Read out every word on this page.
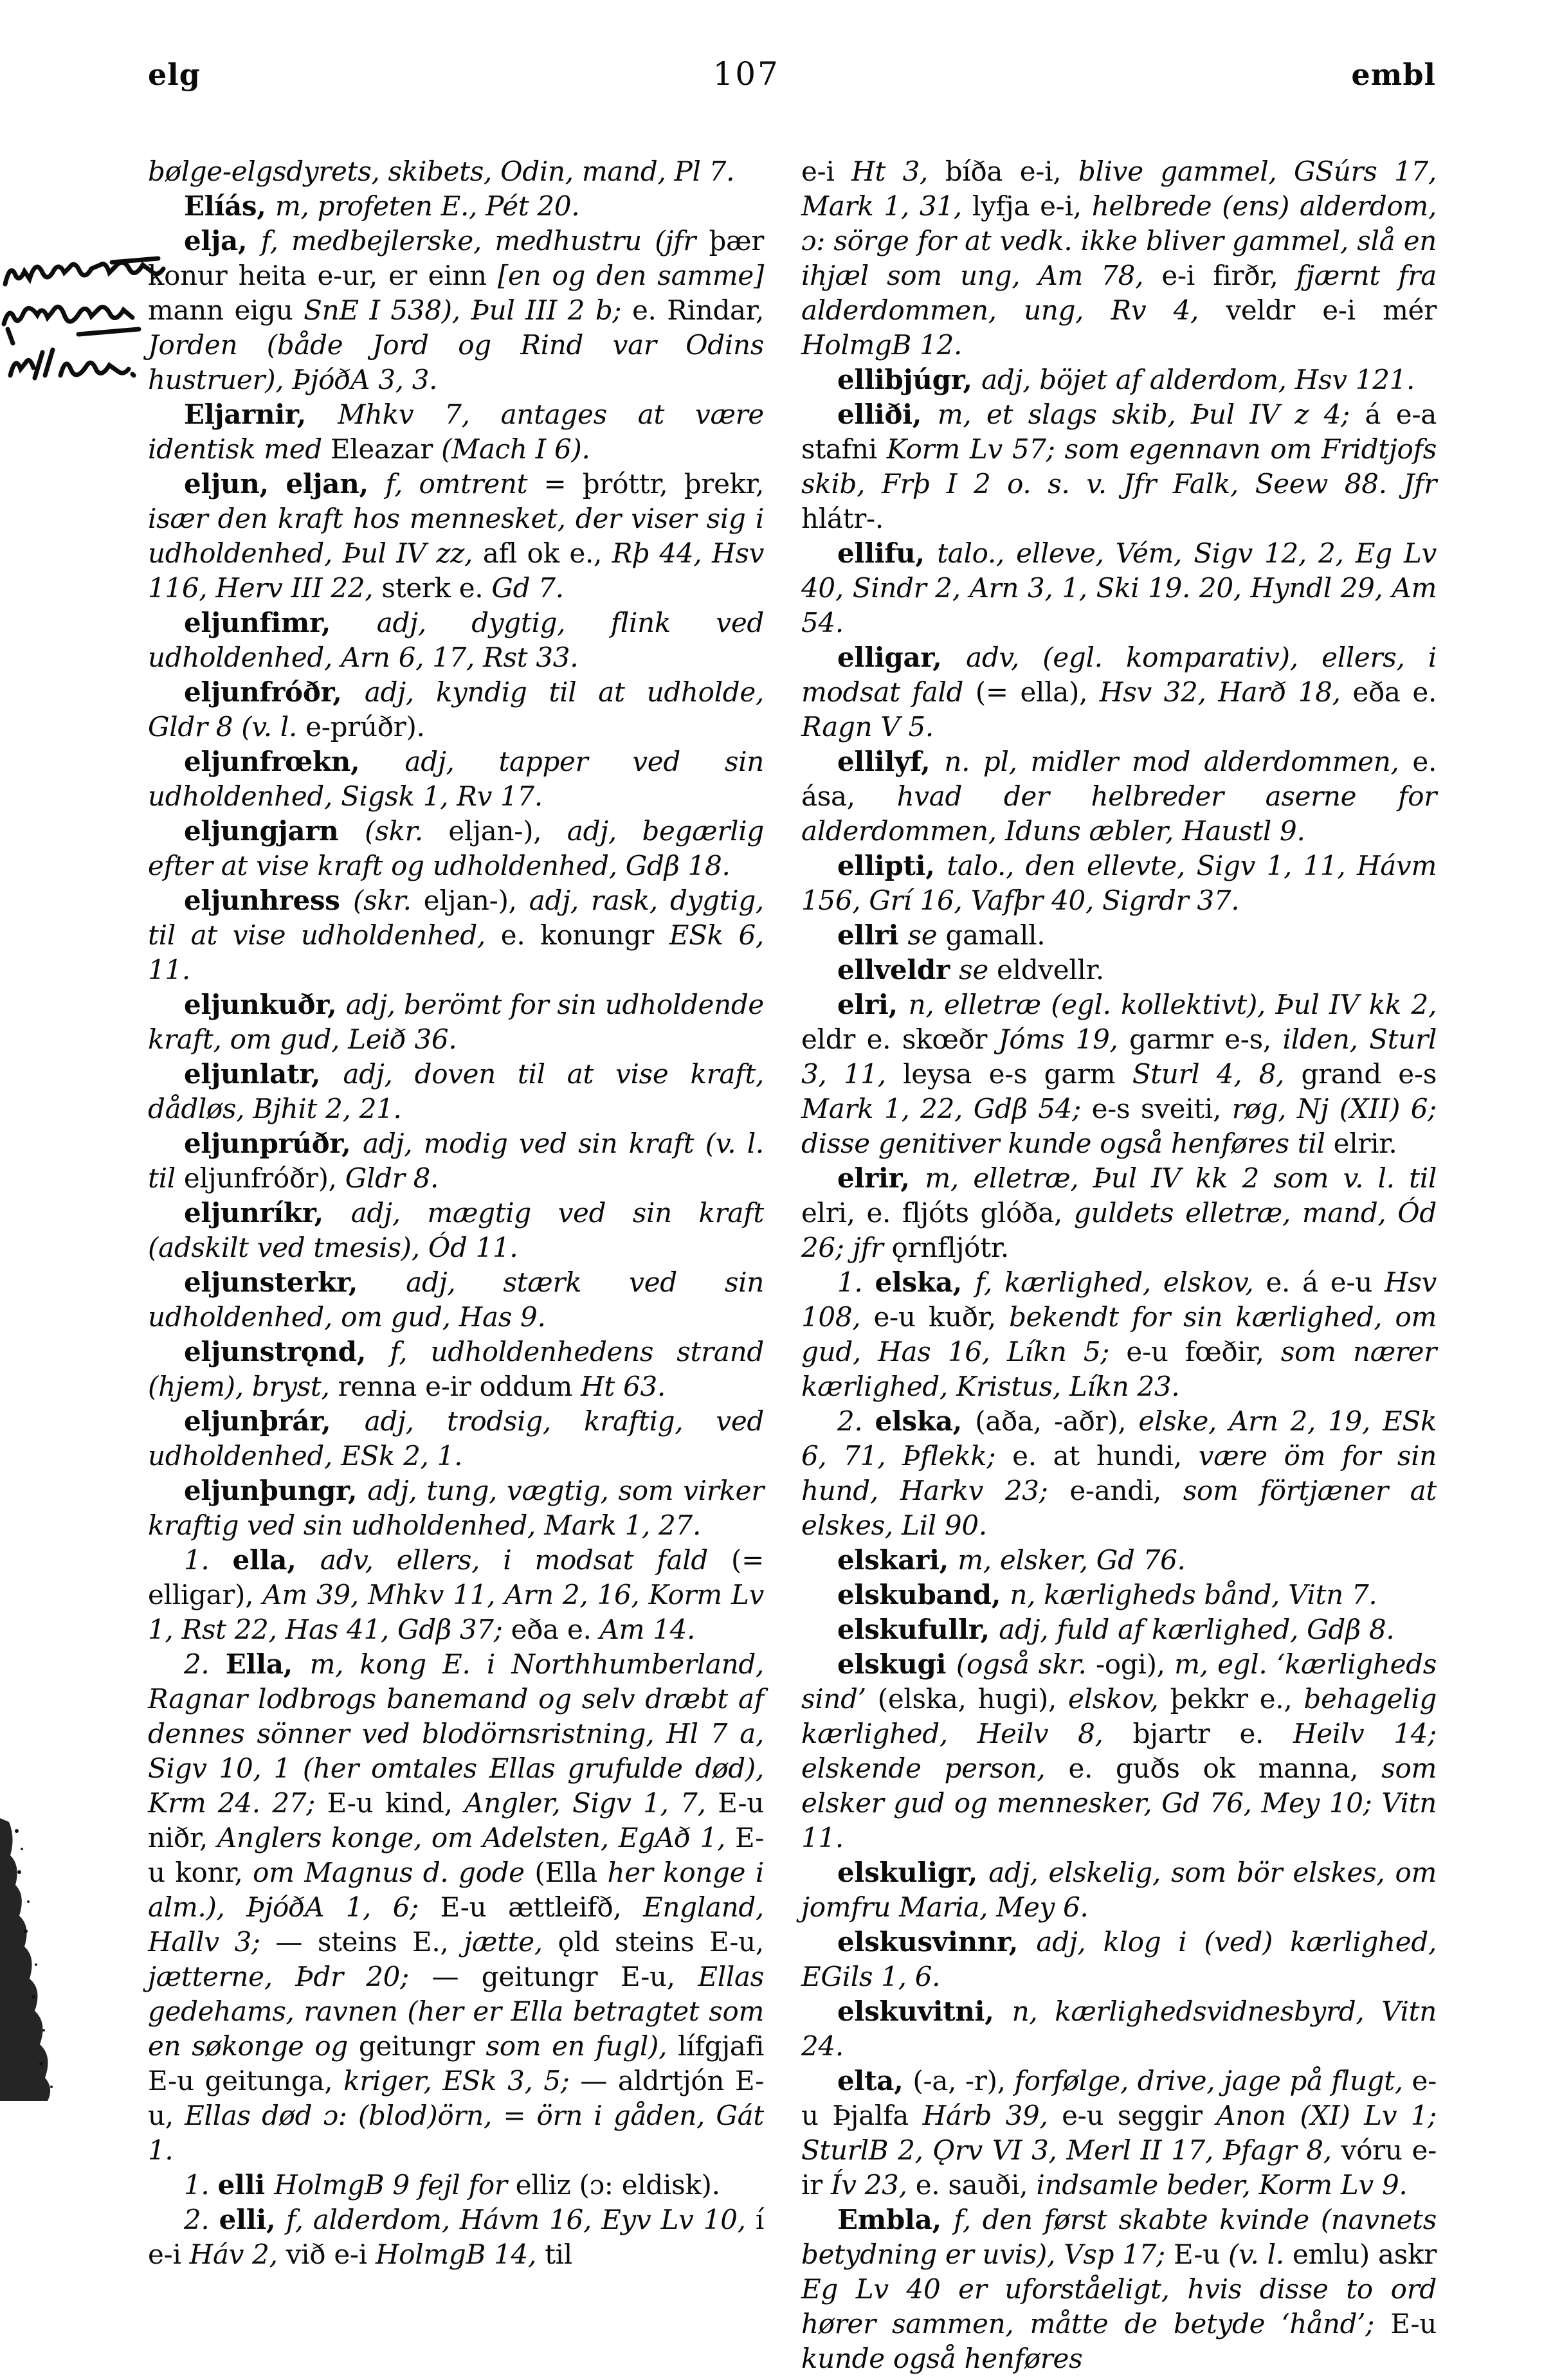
elg	107	embl

bølge-elgsdyrets, skibets, Odin, mand, Pl 7.

Elíás, m, profeten E., Pét 20.

elja, f, medbejlerske, medhustru (jfr þær konur heita e-ur, er einn [en og den samme] mann eigu SnE I 538), Þul III 2 b; e. Rindar, Jorden (både Jord og Rind var Odins hustruer), ÞjóðA 3, 3.

Eljarnir, Mhkv 7, antages at være identisk med Eleazar (Mach I 6).

eljun, eljan, f, omtrent = þróttr, þrekr, især den kraft hos mennesket, der viser sig i udholdenhed, Þul IV zz, afl ok e., Rþ 44, Hsv 116, Herv III 22, sterk e. Gd 7.

eljunfimr, adj, dygtig, flink ved udholdenhed, Arn 6, 17, Rst 33.

eljunfróðr, adj, kyndig til at udholde, Gldr 8 (v. l. e-prúðr).

eljunfrœkn, adj, tapper ved sin udholdenhed, Sigsk 1, Rv 17.

eljungjarn (skr. eljan-), adj, begærlig efter at vise kraft og udholdenhed, Gdβ 18.

eljunhress (skr. eljan-), adj, rask, dygtig, til at vise udholdenhed, e. konungr ESk 6, 11.

eljunkuðr, adj, berömt for sin udholdende kraft, om gud, Leið 36.

eljunlatr, adj, doven til at vise kraft, dådløs, Bjhit 2, 21.

eljunprúðr, adj, modig ved sin kraft (v. l. til eljunfróðr), Gldr 8.

eljunríkr, adj, mægtig ved sin kraft (adskilt ved tmesis), Ód 11.

eljunsterkr, adj, stærk ved sin udholdenhed, om gud, Has 9.

eljunstrǫnd, f, udholdenhedens strand (hjem), bryst, renna e-ir oddum Ht 63.

eljunþrár, adj, trodsig, kraftig, ved udholdenhed, ESk 2, 1.

eljunþungr, adj, tung, vægtig, som virker kraftig ved sin udholdenhed, Mark 1, 27.

1. ella, adv, ellers, i modsat fald (= elligar), Am 39, Mhkv 11, Arn 2, 16, Korm Lv 1, Rst 22, Has 41, Gdβ 37; eða e. Am 14.

2. Ella, m, kong E. i Northhumberland, Ragnar lodbrogs banemand og selv dræbt af dennes sönner ved blodörnsristning, Hl 7 a, Sigv 10, 1 (her omtales Ellas grufulde død), Krm 24. 27; E-u kind, Angler, Sigv 1, 7, E-u niðr, Anglers konge, om Adelsten, EgAð 1, E-u konr, om Magnus d. gode (Ella her konge i alm.), ÞjóðA 1, 6; E-u ættleifð, England, Hallv 3; — steins E., jætte, ǫld steins E-u, jætterne, Þdr 20; — geitungr E-u, Ellas gedehams, ravnen (her er Ella betragtet som en søkonge og geitungr som en fugl), lífgjafi E-u geitunga, kriger, ESk 3, 5; — aldrtjón E-u, Ellas død ɔ: (blod)örn, = örn i gåden, Gát 1.

1. elli HolmgB 9 fejl for elliz (ɔ: eldisk).

2. elli, f, alderdom, Hávm 16, Eyv Lv 10, í e-i Háv 2, við e-i HolmgB 14, til

e-i Ht 3, bíða e-i, blive gammel, GSúrs 17, Mark 1, 31, lyfja e-i, helbrede (ens) alderdom, ɔ: sörge for at vedk. ikke bliver gammel, slå en ihjæl som ung, Am 78, e-i firðr, fjærnt fra alderdommen, ung, Rv 4, veldr e-i mér HolmgB 12.

ellibjúgr, adj, böjet af alderdom, Hsv 121.

elliði, m, et slags skib, Þul IV z 4; á e-a stafni Korm Lv 57; som egennavn om Fridtjofs skib, Frþ I 2 o. s. v. Jfr Falk, Seew 88. Jfr hlátr-.

ellifu, talo., elleve, Vém, Sigv 12, 2, Eg Lv 40, Sindr 2, Arn 3, 1, Ski 19. 20, Hyndl 29, Am 54.

elligar, adv, (egl. komparativ), ellers, i modsat fald (= ella), Hsv 32, Harð 18, eða e. Ragn V 5.

ellilyf, n. pl, midler mod alderdommen, e. ása, hvad der helbreder aserne for alderdommen, Iduns æbler, Haustl 9.

ellipti, talo., den ellevte, Sigv 1, 11, Hávm 156, Grí 16, Vafþr 40, Sigrdr 37.

ellri se gamall.

ellveldr se eldvellr.

elri, n, elletræ (egl. kollektivt), Þul IV kk 2, eldr e. skœðr Jóms 19, garmr e-s, ilden, Sturl 3, 11, leysa e-s garm Sturl 4, 8, grand e-s Mark 1, 22, Gdβ 54; e-s sveiti, røg, Nj (XII) 6; disse genitiver kunde også henføres til elrir.

elrir, m, elletræ, Þul IV kk 2 som v. l. til elri, e. fljóts glóða, guldets elletræ, mand, Ód 26; jfr ǫrnfljótr.

1. elska, f, kærlighed, elskov, e. á e-u Hsv 108, e-u kuðr, bekendt for sin kærlighed, om gud, Has 16, Líkn 5; e-u fœðir, som nærer kærlighed, Kristus, Líkn 23.

2. elska, (aða, -aðr), elske, Arn 2, 19, ESk 6, 71, Þflekk; e. at hundi, være öm for sin hund, Harkv 23; e-andi, som förtjæner at elskes, Lil 90.

elskari, m, elsker, Gd 76.

elskuband, n, kærligheds bånd, Vitn 7.

elskufullr, adj, fuld af kærlighed, Gdβ 8.

elskugi (også skr. -ogi), m, egl. ‘kærligheds sind’ (elska, hugi), elskov, þekkr e., behagelig kærlighed, Heilv 8, bjartr e. Heilv 14; elskende person, e. guðs ok manna, som elsker gud og mennesker, Gd 76, Mey 10; Vitn 11.

elskuligr, adj, elskelig, som bör elskes, om jomfru Maria, Mey 6.

elskusvinnr, adj, klog i (ved) kærlighed, EGils 1, 6.

elskuvitni, n, kærlighedsvidnesbyrd, Vitn 24.

elta, (-a, -r), forfølge, drive, jage på flugt, e-u Þjalfa Hárb 39, e-u seggir Anon (XI) Lv 1; SturlB 2, Ǫrv VI 3, Merl II 17, Þfagr 8, vóru e-ir Ív 23, e. sauði, indsamle beder, Korm Lv 9.

Embla, f, den først skabte kvinde (navnets betydning er uvis), Vsp 17; E-u (v. l. emlu) askr Eg Lv 40 er uforståeligt, hvis disse to ord hører sammen, måtte de betyde ‘hånd’; E-u kunde også henføres
